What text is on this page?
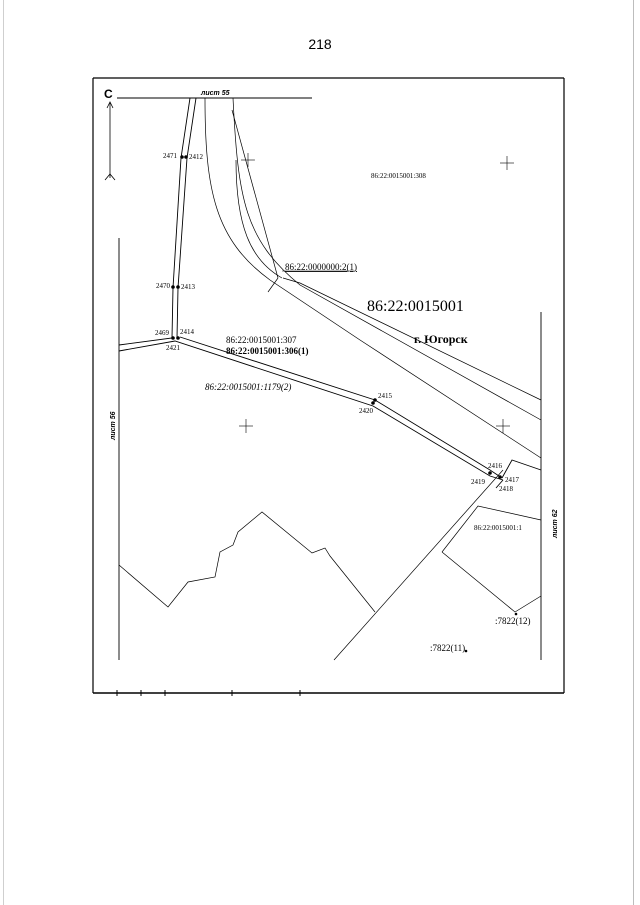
218
С	лист 55
лист 56
лист 62
2471 2412
2470 2413
2469 2414
2421
2415
2420
2416
2417
2418
2419
86:22:0015001:308
86:22:0000000:2(1)
86:22:0015001
г. Югорск
86:22:0015001:307
86:22:0015001:306(1)
86:22:0015001:1179(2)
86:22:0015001:1
:7822(12)
:7822(11)
